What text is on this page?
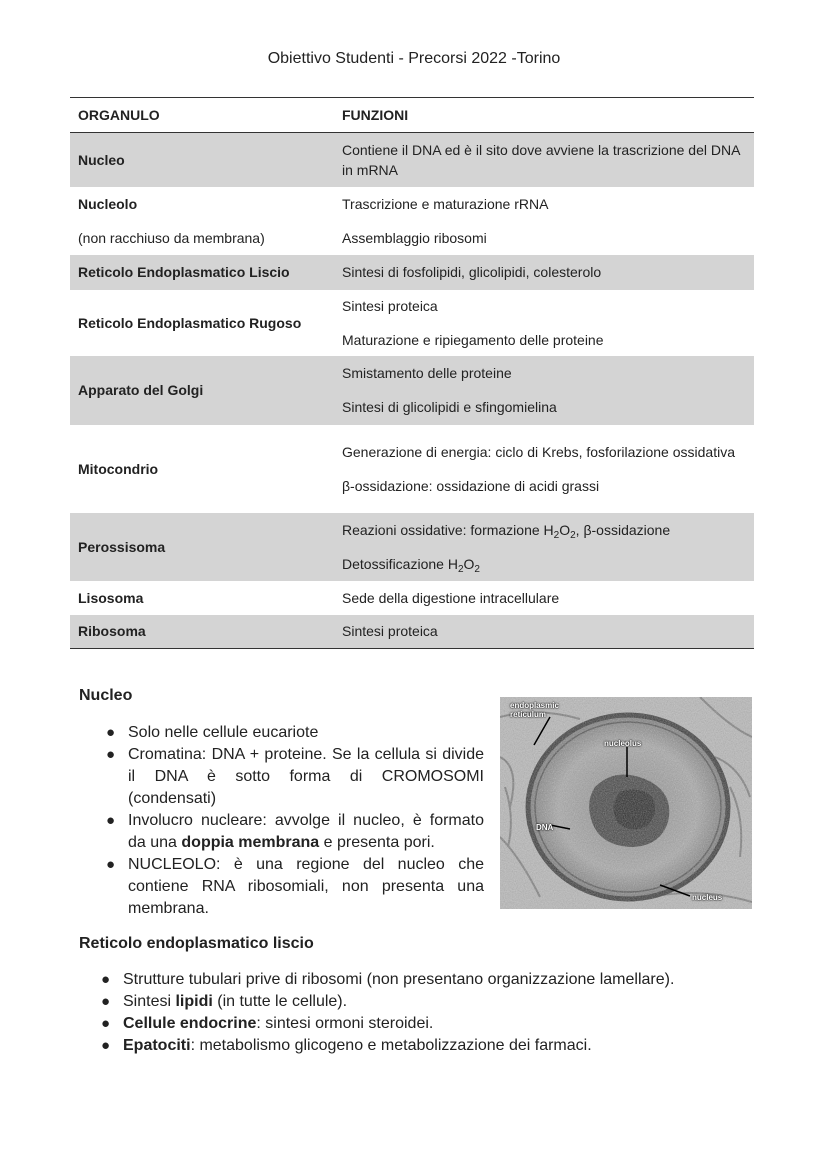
Obiettivo Studenti - Precorsi 2022 -Torino
ORGANULO	FUNZIONI
Nucleo	Contiene il DNA ed è il sito dove avviene la trascrizione del DNA in mRNA

Nucleolo	Trascrizione e maturazione rRNA

(non racchiuso da membrana)	Assemblaggio ribosomi

Reticolo Endoplasmatico Liscio	Sintesi di fosfolipidi, glicolipidi, colesterolo

Reticolo Endoplasmatico Rugoso	Sintesi proteica
Maturazione e ripiegamento delle proteine

Apparato del Golgi	Smistamento delle proteine
Sintesi di glicolipidi e sfingomielina

Mitocondrio	Generazione di energia: ciclo di Krebs, fosforilazione ossidativa
β-ossidazione: ossidazione di acidi grassi

Perossisoma	Reazioni ossidative: formazione $H_2O_2$, β-ossidazione
Detossificazione $H_2O_2$

Lisosoma	Sede della digestione intracellulare

Ribosoma	Sintesi proteica
Nucleo
● Solo nelle cellule eucariote
● Cromatina: DNA + proteine. Se la cellula si divide il DNA è sotto forma di CROMOSOMI (condensati)
● Involucro nucleare: avvolge il nucleo, è formato da una doppia membrana e presenta pori.
● NUCLEOLO: è una regione del nucleo che contiene RNA ribosomiali, non presenta una membrana.
endoplasmic reticulum
nucleolus
DNA
nucleus
Reticolo endoplasmatico liscio
● Strutture tubulari prive di ribosomi (non presentano organizzazione lamellare).
● Sintesi lipidi (in tutte le cellule).
● Cellule endocrine: sintesi ormoni steroidei.
● Epatociti: metabolismo glicogeno e metabolizzazione dei farmaci.
